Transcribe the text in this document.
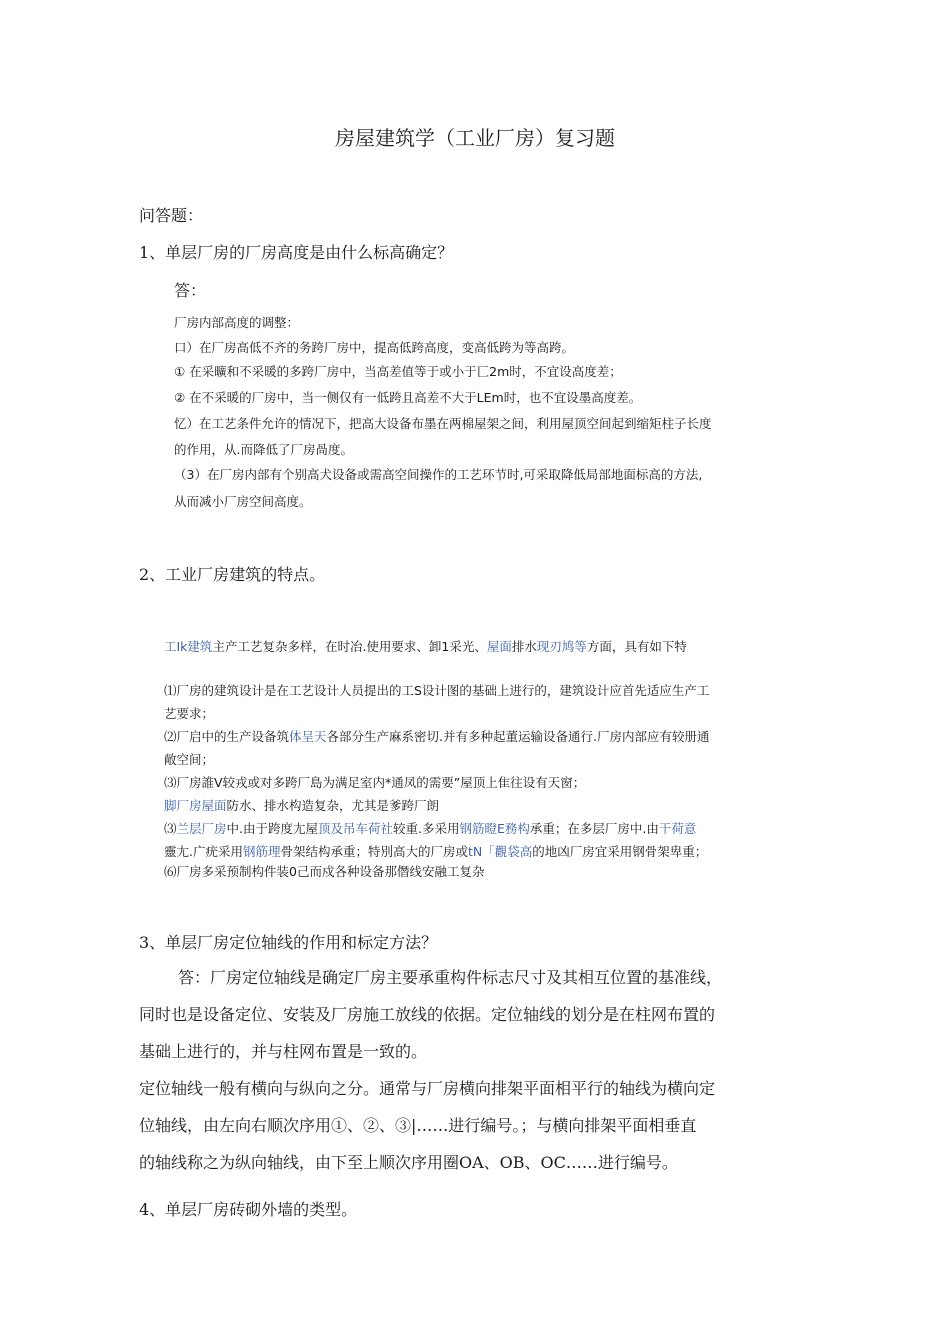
房屋建筑学（工业厂房）复习题
问答题：
1、单层厂房的厂房高度是由什么标高确定？
答：
厂房内部高度的调整：
口）在厂房高低不齐的务跨厂房中，提高低跨高度，变高低跨为等高跨。
① 在采曠和不采暖的多跨厂房中，当高差值等于或小于匸2m时，不宜设高度差；
② 在不采暖的厂房中，当一侧仅有一低跨且高差不大于LEm时，也不宜设墨高度差。
忆）在工艺条件允许的情况下，把高大设备布墨在两棉屋架之间，利用屋顶空间起到缩矩柱子长度
的作用，从.而降低了厂房咼度。
（3）在厂房内部有个别高犬设备或需高空间操作的工艺环节时,可采取降低局部地面标高的方法,
从而减小厂房空间高度。
2、工业厂房建筑的特点。
工Ik建筑主产工艺复杂多样，在时冶.使用要求、卸1采光、屋面排水现刃鸠等方面，具有如下特
⑴厂房的建筑设计是在工艺设计人员提出的工S设计图的基础上进行的，建筑设计应首先适应生产工
艺要求；
⑵厂启中的生产设备筑体呈天各部分生产麻系密切.并有多种起董运输设备通行.厂房内部应有较册通
敞空间；
⑶厂房誰V较戎或对多跨厂島为满足室内*通凤的需要”屋顶上隹往设有天窗；
脚厂房屋面防水、排水构造复杂，尤其是爹跨厂朗
⑶兰层厂房中.由于跨度尢屋顶及吊车荷社较重.多采用钢筋瞪E務构承重；在多层厂房中.由干荷意
靈尢.广疣采用钢筋理骨架结构承重；特別高大的厂房或tN「觀袋高的地凶厂房宜采用钢骨架卑重；
⑹厂房多采预制构件装0己而戍各种设备那僭线安融工复杂
3、单层厂房定位轴线的作用和标定方法？
答：厂房定位轴线是确定厂房主要承重构件标志尺寸及其相互位置的基准线，
同时也是设备定位、安装及厂房施工放线的依据。定位轴线的划分是在柱网布置的
基础上进行的，并与柱网布置是一致的。
定位轴线一般有横向与纵向之分。通常与厂房横向排架平面相平行的轴线为横向定
位轴线，由左向右顺次序用①、②、③|……进行编号。；与横向排架平面相垂直
的轴线称之为纵向轴线，由下至上顺次序用圈OA、OB、OC……进行编号。
4、单层厂房砖砌外墙的类型。
